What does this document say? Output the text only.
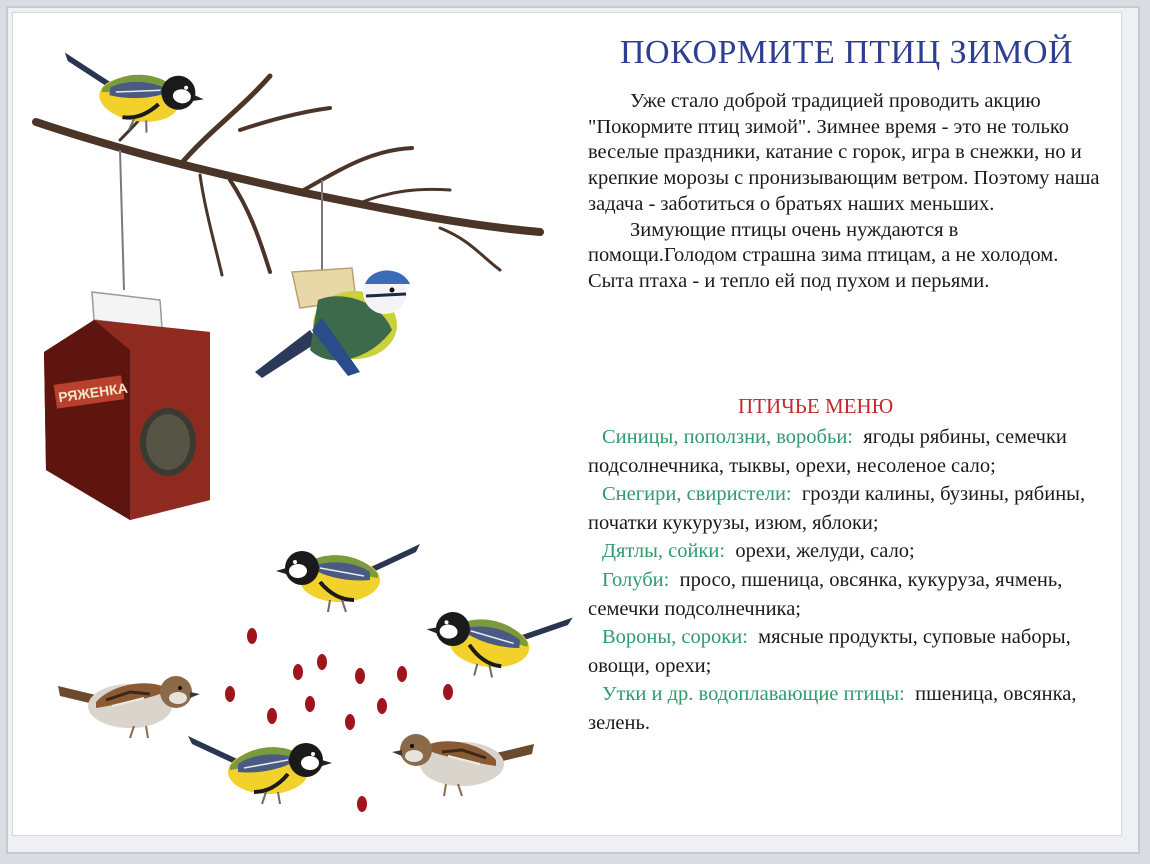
РЯЖЕНКА
ПОКОРМИТЕ ПТИЦ ЗИМОЙ

Уже стало доброй традицией проводить акцию "Покормите птиц зимой". Зимнее время - это не только веселые праздники, катание с горок, игра в снежки, но и крепкие морозы с пронизывающим ветром. Поэтому наша задача - заботиться о братьях наших меньших.

Зимующие птицы очень нуждаются в помощи.Голодом страшна зима птицам, а не холодом. Сыта птаха - и тепло ей под пухом и перьями.

ПТИЧЬЕ МЕНЮ

Синицы, поползни, воробьи: ягоды рябины, семечки подсолнечника, тыквы, орехи, несоленое сало;

Снегири, свиристели: грозди калины, бузины, рябины, початки кукурузы, изюм, яблоки;

Дятлы, сойки: орехи, желуди, сало;

Голуби: просо, пшеница, овсянка, кукуруза, ячмень, семечки подсолнечника;

Вороны, сороки: мясные продукты, суповые наборы, овощи, орехи;

Утки и др. водоплавающие птицы: пшеница, овсянка, зелень.
